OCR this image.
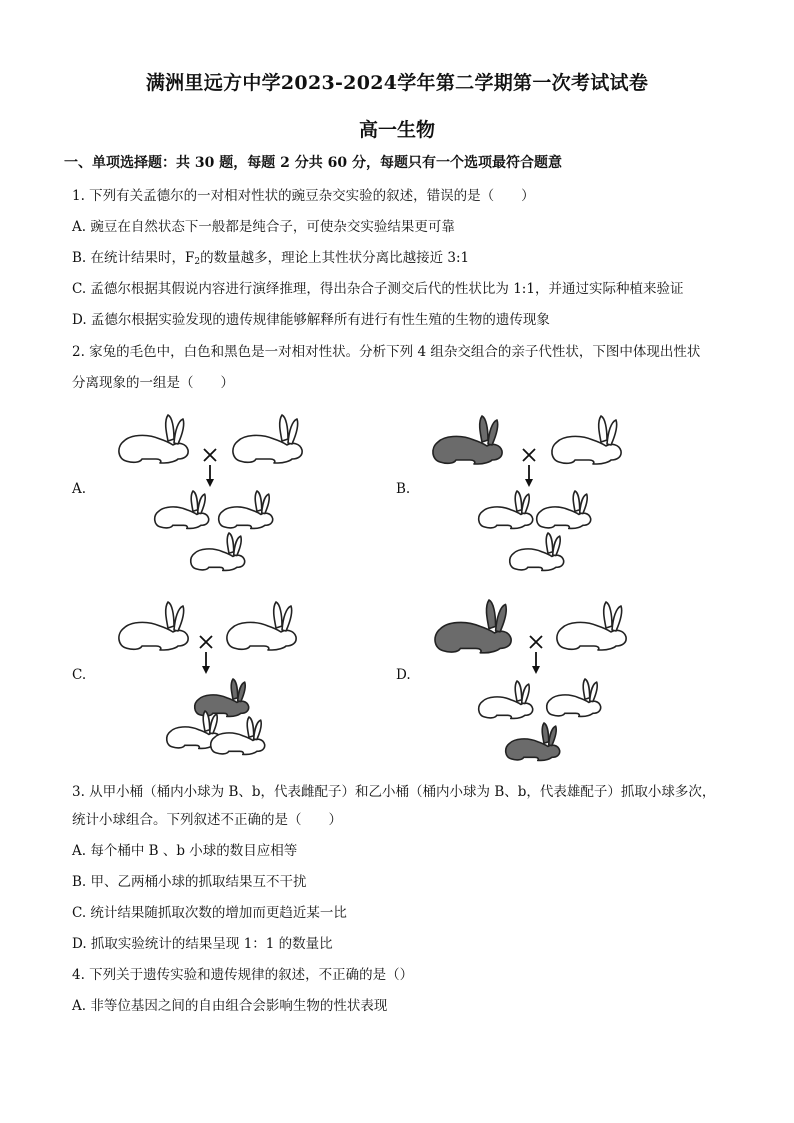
满洲里远方中学2023-2024学年第二学期第一次考试试卷
高一生物
一、单项选择题：共 30 题，每题 2 分共 60 分，每题只有一个选项最符合题意
1. 下列有关孟德尔的一对相对性状的豌豆杂交实验的叙述，错误的是（　　）
A. 豌豆在自然状态下一般都是纯合子，可使杂交实验结果更可靠
B. 在统计结果时，$F_2$的数量越多，理论上其性状分离比越接近 3:1
C. 孟德尔根据其假说内容进行演绎推理，得出杂合子测交后代的性状比为 1:1，并通过实际种植来验证
D. 孟德尔根据实验发现的遗传规律能够解释所有进行有性生殖的生物的遗传现象
2. 家兔的毛色中，白色和黑色是一对相对性状。分析下列 4 组杂交组合的亲子代性状，下图中体现出性状
分离现象的一组是（　　）
A.	B.
C.	D.
3. 从甲小桶（桶内小球为 B、b，代表雌配子）和乙小桶（桶内小球为 B、b，代表雄配子）抓取小球多次，
统计小球组合。下列叙述不正确的是（　　）
A. 每个桶中 B 、b 小球的数目应相等
B. 甲、乙两桶小球的抓取结果互不干扰
C. 统计结果随抓取次数的增加而更趋近某一比
D. 抓取实验统计的结果呈现 1：1 的数量比
4. 下列关于遗传实验和遗传规律的叙述，不正确的是（）
A. 非等位基因之间的自由组合会影响生物的性状表现
